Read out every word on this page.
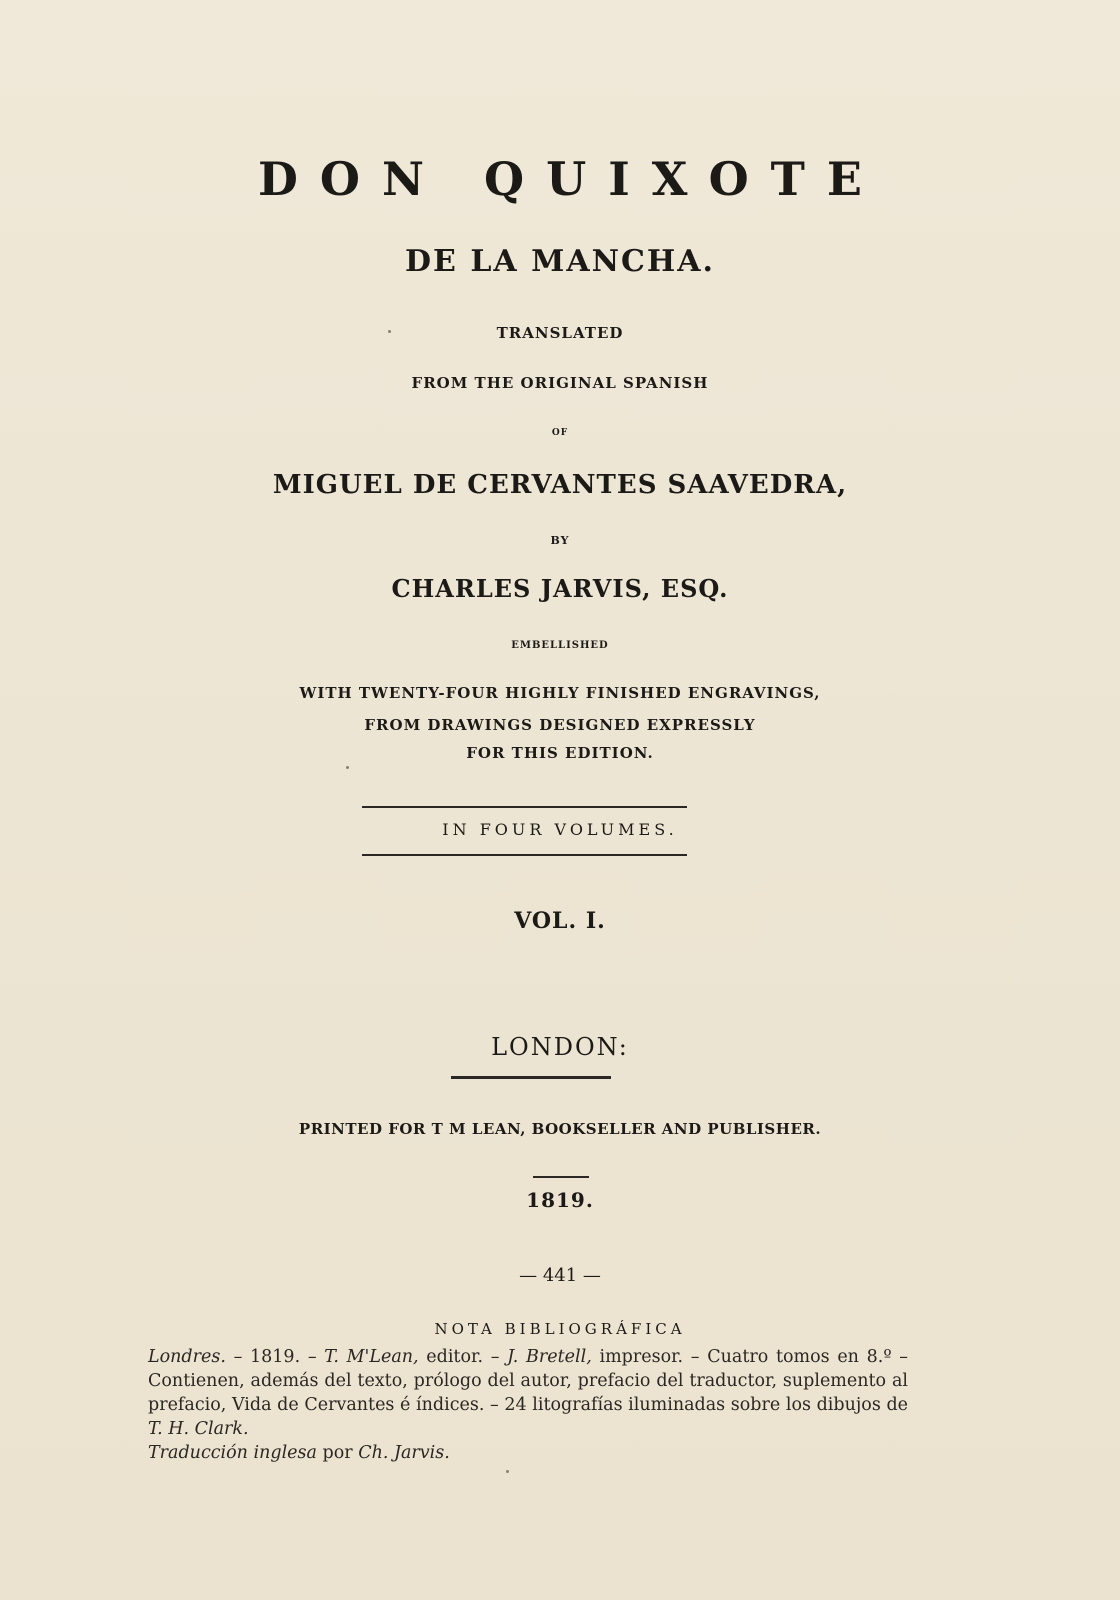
DON QUIXOTE
DE LA MANCHA.
TRANSLATED
FROM THE ORIGINAL SPANISH
OF
MIGUEL DE CERVANTES SAAVEDRA,
BY
CHARLES JARVIS, ESQ.
EMBELLISHED
WITH TWENTY-FOUR HIGHLY FINISHED ENGRAVINGS,
FROM DRAWINGS DESIGNED EXPRESSLY
FOR THIS EDITION.
IN FOUR VOLUMES.
VOL. I.
LONDON:
PRINTED FOR T M LEAN, BOOKSELLER AND PUBLISHER.
1819.
— 441 —
NOTA BIBLIOGRÁFICA

Londres. – 1819. – T. M'Lean, editor. – J. Bretell, impresor. – Cuatro tomos en 8.º – Contienen, además del texto, prólogo del autor, prefacio del traductor, suplemento al prefacio, Vida de Cervantes é índices. – 24 litografías iluminadas sobre los dibujos de T. H. Clark.

Traducción inglesa por Ch. Jarvis.
